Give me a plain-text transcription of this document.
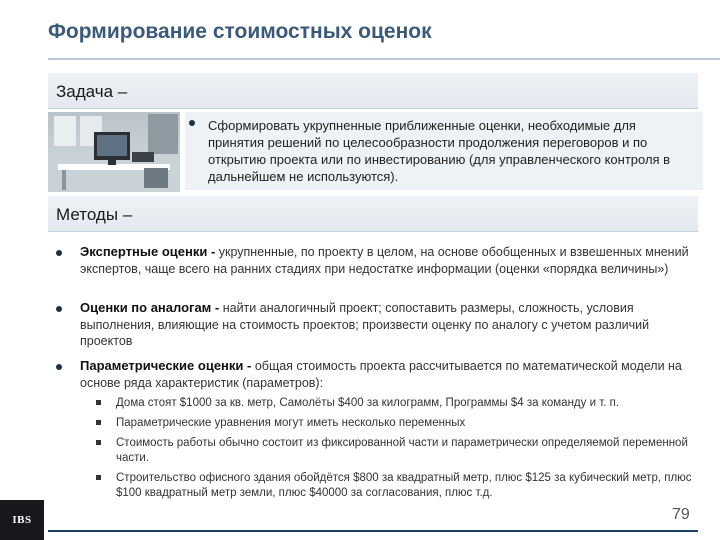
Формирование стоимостных оценок
Задача –
Сформировать укрупненные приближенные оценки, необходимые для принятия решений по целесообразности продолжения переговоров и по открытию проекта или по инвестированию (для управленческого контроля в дальнейшем не используются).
Методы –
Экспертные оценки - укрупненные, по проекту в целом, на основе обобщенных и взвешенных мнений экспертов, чаще всего на ранних стадиях при недостатке информации (оценки «порядка величины»)
Оценки по аналогам - найти аналогичный проект; сопоставить размеры, сложность, условия выполнения, влияющие на стоимость проектов; произвести оценку по аналогу с учетом различий проектов
Параметрические оценки - общая стоимость проекта рассчитывается по математической модели на основе ряда характеристик (параметров):
Дома стоят $1000 за кв. метр, Самолёты $400 за килограмм, Программы $4 за команду и т. п.
Параметрические уравнения могут иметь несколько переменных
Стоимость работы обычно состоит из фиксированной части и параметрически определяемой переменной части.
Строительство офисного здания обойдётся $800 за квадратный метр, плюс $125 за кубический метр, плюс $100 квадратный метр земли, плюс $40000 за согласования, плюс т.д.
IBS	79
